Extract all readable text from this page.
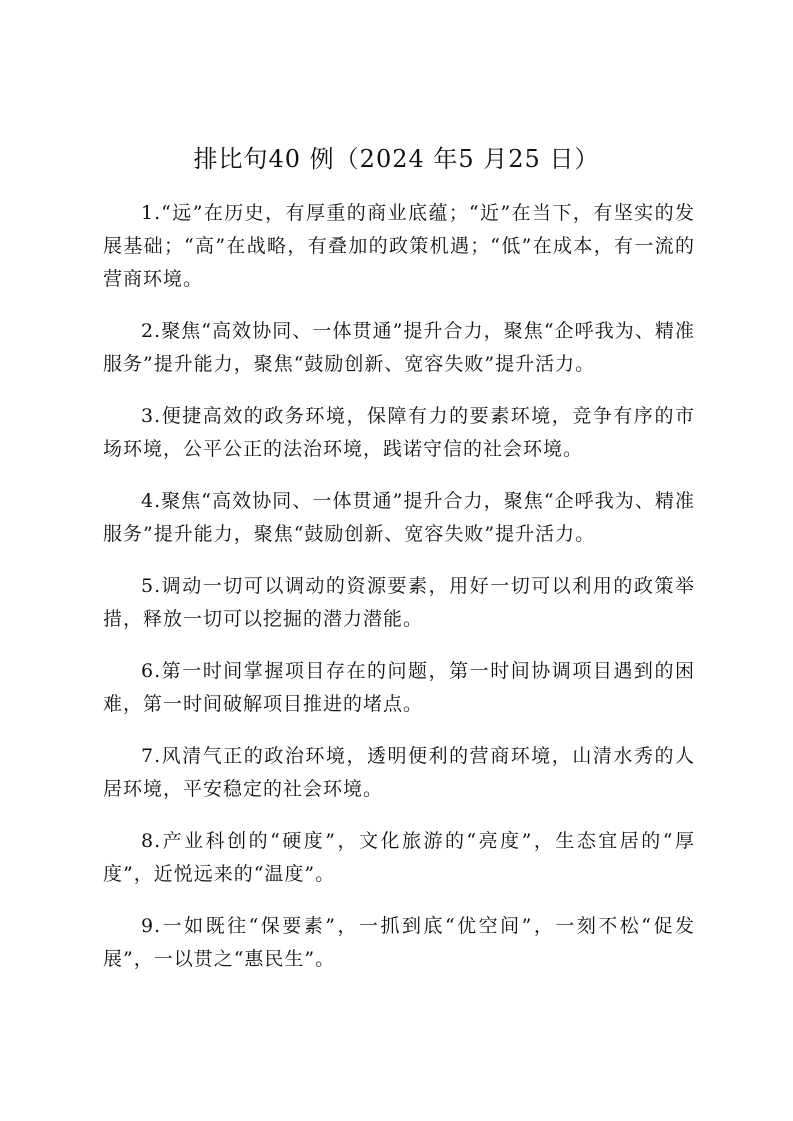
排比句40 例（2024 年5 月25 日）

1.“远”在历史，有厚重的商业底蕴；“近”在当下，有坚实的发展基础；“高”在战略，有叠加的政策机遇；“低”在成本，有一流的营商环境。

2.聚焦“高效协同、一体贯通”提升合力，聚焦“企呼我为、精准服务”提升能力，聚焦“鼓励创新、宽容失败”提升活力。

3.便捷高效的政务环境，保障有力的要素环境，竞争有序的市场环境，公平公正的法治环境，践诺守信的社会环境。

4.聚焦“高效协同、一体贯通”提升合力，聚焦“企呼我为、精准服务”提升能力，聚焦“鼓励创新、宽容失败”提升活力。

5.调动一切可以调动的资源要素，用好一切可以利用的政策举措，释放一切可以挖掘的潜力潜能。

6.第一时间掌握项目存在的问题，第一时间协调项目遇到的困难，第一时间破解项目推进的堵点。

7.风清气正的政治环境，透明便利的营商环境，山清水秀的人居环境，平安稳定的社会环境。

8.产业科创的“硬度”，文化旅游的“亮度”，生态宜居的“厚度”，近悦远来的“温度”。

9.一如既往“保要素”，一抓到底“优空间”，一刻不松“促发展”，一以贯之“惠民生”。
